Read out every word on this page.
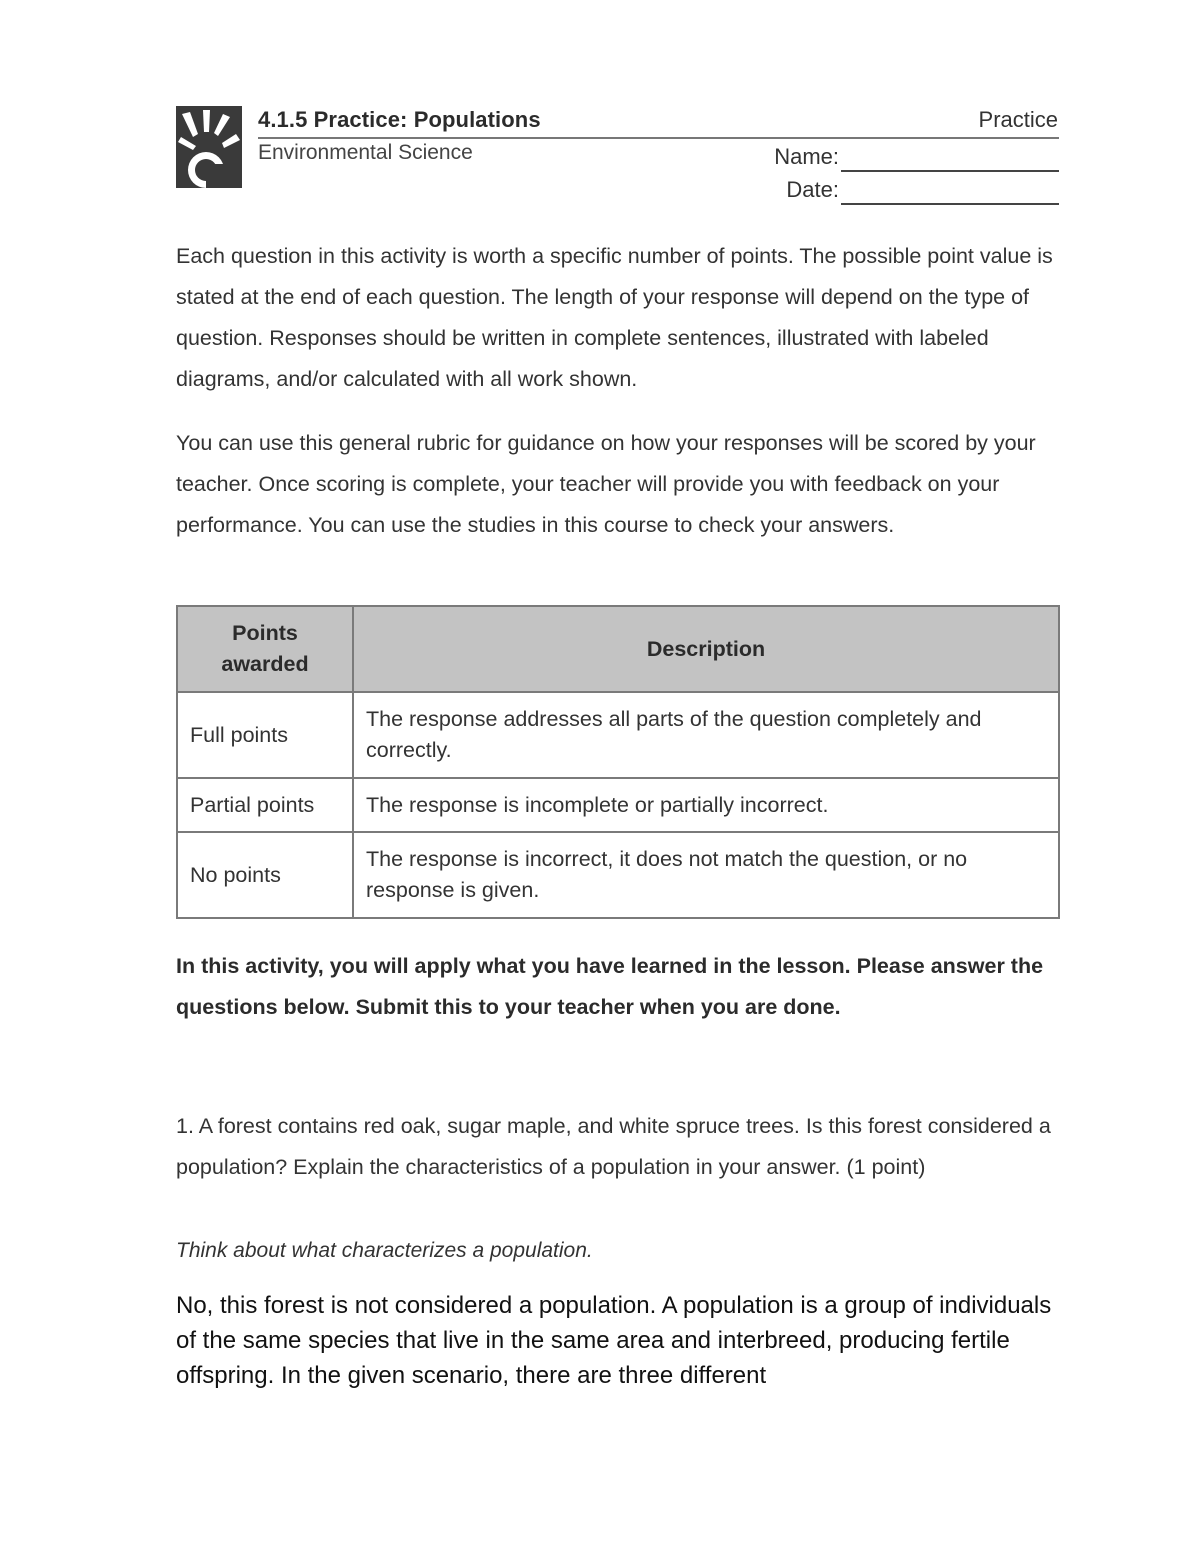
4.1.5 Practice: Populations	Practice
Environmental Science	Name:
Date:

Each question in this activity is worth a specific number of points. The possible point value is stated at the end of each question. The length of your response will depend on the type of question. Responses should be written in complete sentences, illustrated with labeled diagrams, and/or calculated with all work shown.

You can use this general rubric for guidance on how your responses will be scored by your teacher. Once scoring is complete, your teacher will provide you with feedback on your performance. You can use the studies in this course to check your answers.

Points awarded	Description
Full points	The response addresses all parts of the question completely and correctly.
Partial points	The response is incomplete or partially incorrect.
No points	The response is incorrect, it does not match the question, or no response is given.

In this activity, you will apply what you have learned in the lesson. Please answer the questions below. Submit this to your teacher when you are done.

1. A forest contains red oak, sugar maple, and white spruce trees. Is this forest considered a population? Explain the characteristics of a population in your answer. (1 point)

Think about what characterizes a population.

No, this forest is not considered a population. A population is a group of individuals of the same species that live in the same area and interbreed, producing fertile offspring. In the given scenario, there are three different
